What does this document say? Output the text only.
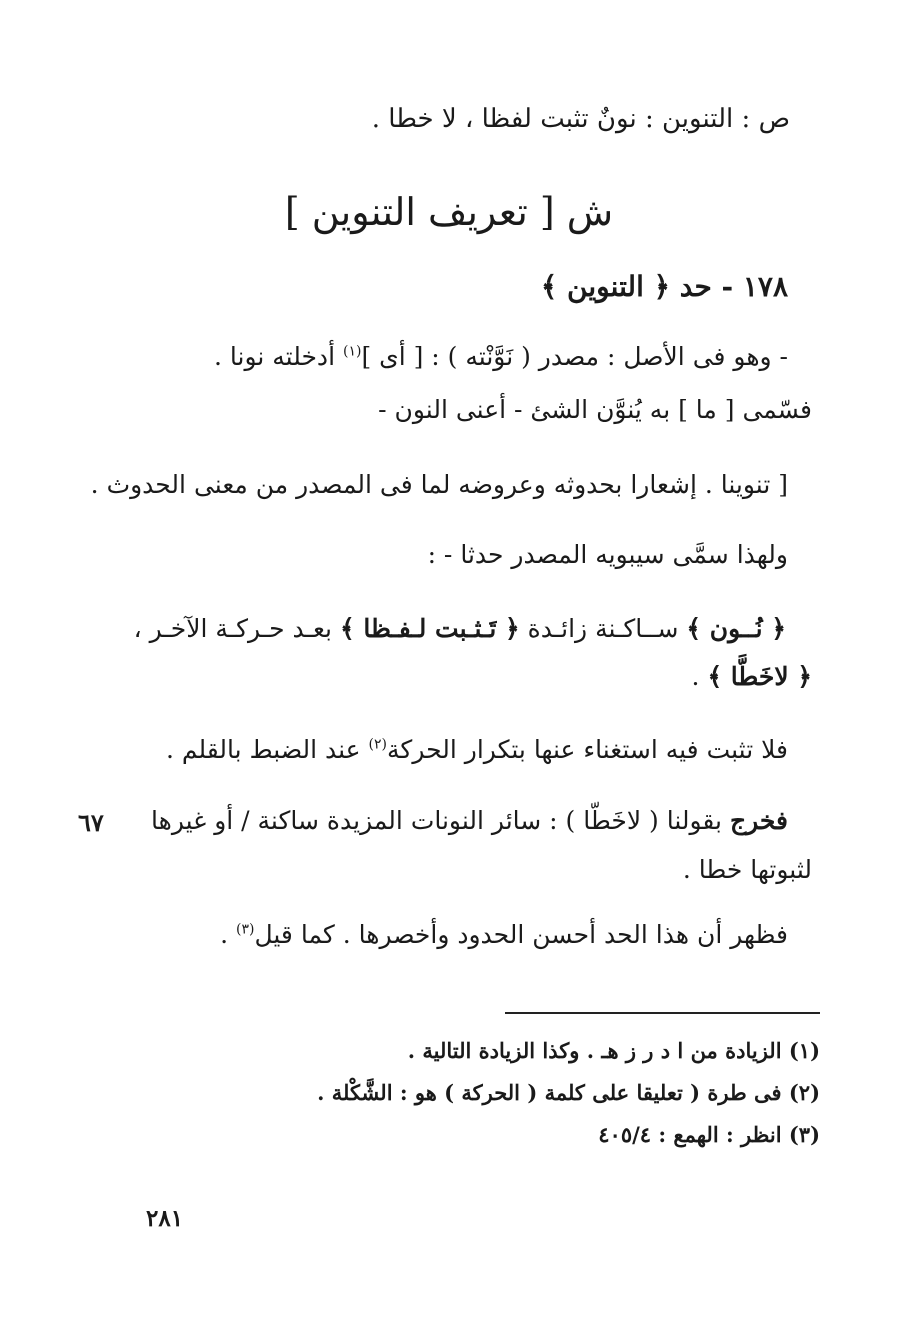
ص : التنوين : نونٌ تثبت لفظا ، لا خطا .
ش [ تعريف التنوين ]
١٧٨ - حد ﴿ التنوين ﴾
- وهو فى الأصل : مصدر ( نَوَّنْته ) : [ أى ]$^{(١)}$ أدخلته نونا .
فسّمى [ ما ] به يُنوَّن الشئ - أعنى النون -
[ تنوينا . إشعارا بحدوثه وعروضه لما فى المصدر من معنى الحدوث .
ولهذا سمَّى سيبويه المصدر حدثا - :
﴿ نُــون ﴾ ســاكـنة زائـدة ﴿ تَـثـبت لـفـظا ﴾ بعـد حـركـة الآخـر ،
﴿ لاخَطَّا ﴾ .
فلا تثبت فيه استغناء عنها بتكرار الحركة$^{(٢)}$ عند الضبط بالقلم .
فخرج بقولنا ( لاخَطّا ) : سائر النونات المزيدة ساكنة / أو غيرها
٦٧
لثبوتها خطا .
فظهر أن هذا الحد أحسن الحدود وأخصرها . كما قيل$^{(٣)}$ .
(١) الزيادة من ا د ر ز هـ . وكذا الزيادة التالية .
(٢) فى طرة ( تعليقا على كلمة ( الحركة ) هو : الشَّكْلة .
(٣) انظر : الهمع : ٤٠٥/٤
٢٨١
